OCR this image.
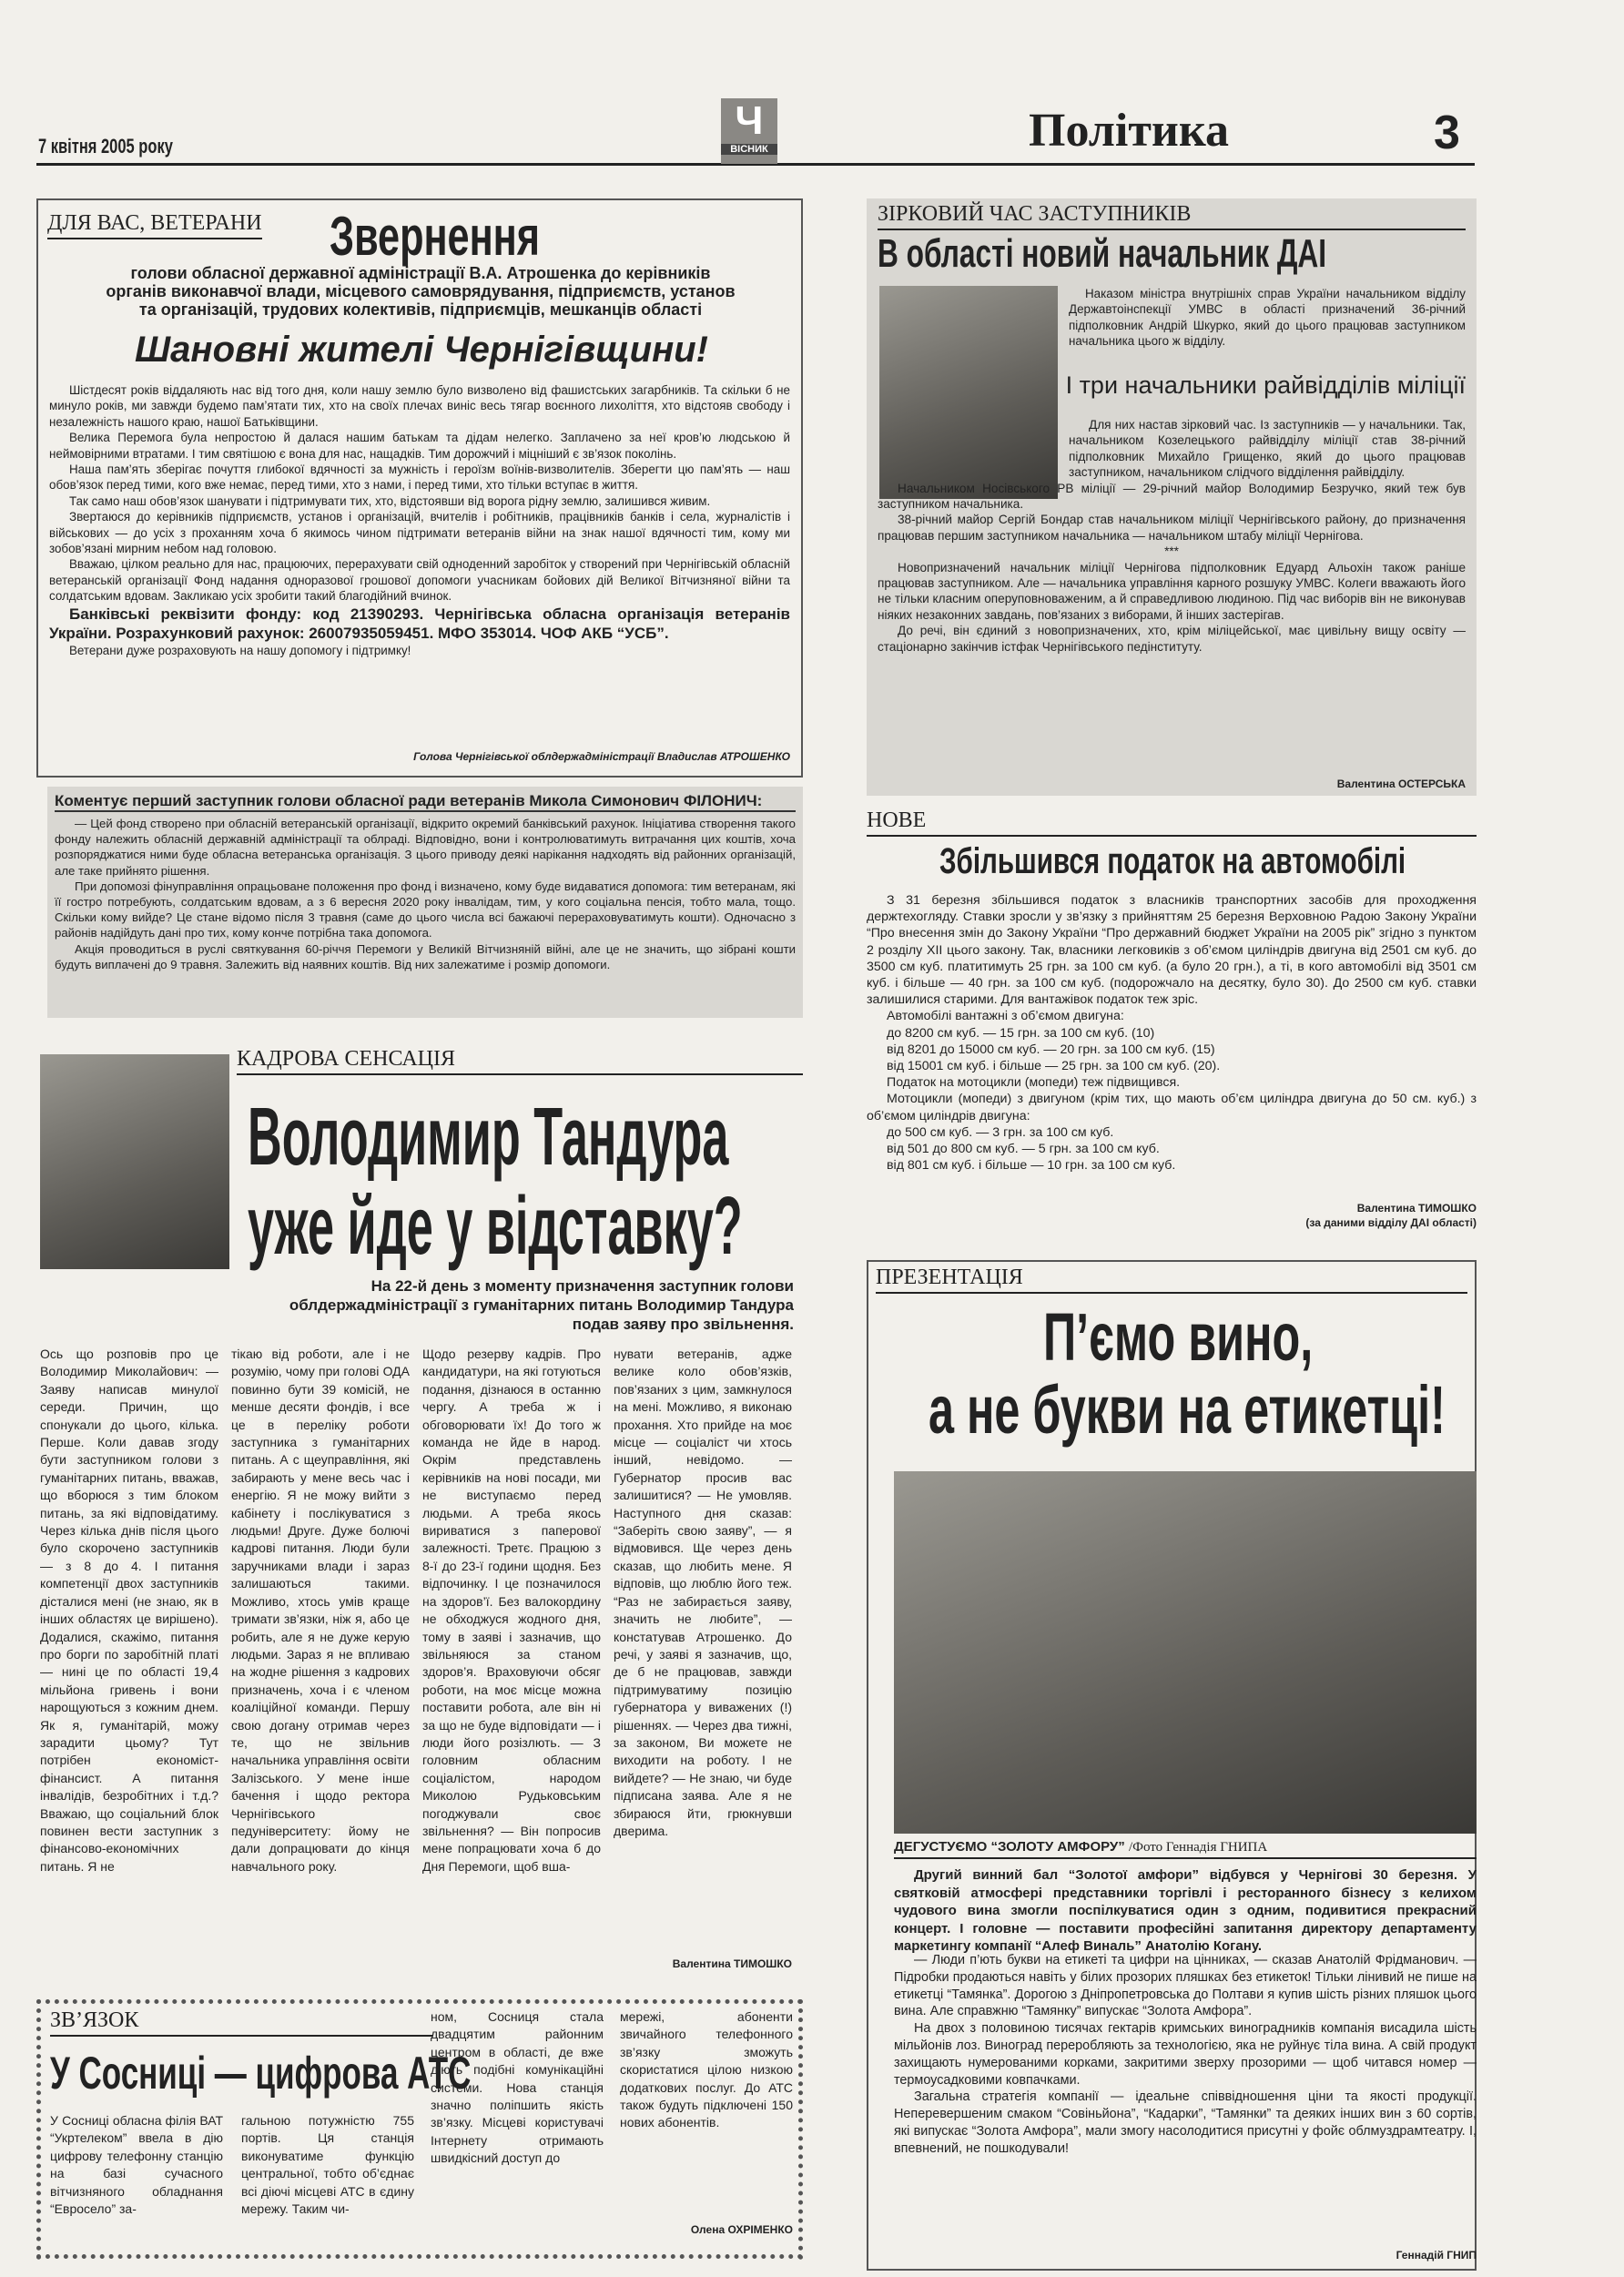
7 квітня 2005 року
Ч
ВІСНИК	Політика	3
ДЛЯ ВАС, ВЕТЕРАНИ Звернення
голови обласної державної адміністрації В.А. Атрошенка до керівників органів виконавчої влади, місцевого самоврядування, підприємств, установ та організацій, трудових колективів, підприємців, мешканців області
Шановні жителі Чернігівщини!

Шістдесят років віддаляють нас від того дня, коли нашу землю було визволено від фашистських загарбників. Та скільки б не минуло років, ми завжди будемо пам’ятати тих, хто на своїх плечах виніс весь тягар воєнного лихоліття, хто відстояв свободу і незалежність нашого краю, нашої Батьківщини.

Велика Перемога була непростою й далася нашим батькам та дідам нелегко. Заплачено за неї кров’ю людською й неймовірними втратами. І тим святішою є вона для нас, нащадків. Тим дорожчий і міцніший є зв’язок поколінь.

Наша пам’ять зберігає почуття глибокої вдячності за мужність і героїзм воїнів-визволителів. Зберегти цю пам’ять — наш обов’язок перед тими, кого вже немає, перед тими, хто з нами, і перед тими, хто тільки вступає в життя.

Так само наш обов’язок шанувати і підтримувати тих, хто, відстоявши від ворога рідну землю, залишився живим.

Звертаюся до керівників підприємств, установ і організацій, вчителів і робітників, працівників банків і села, журналістів і військових — до усіх з проханням хоча б якимось чином підтримати ветеранів війни на знак нашої вдячності тим, кому ми зобов’язані мирним небом над головою.

Вважаю, цілком реально для нас, працюючих, перерахувати свій одноденний заробіток у створений при Чернігівській обласній ветеранській організації Фонд надання одноразової грошової допомоги учасникам бойових дій Великої Вітчизняної війни та солдатським вдовам. Закликаю усіх зробити такий благодійний вчинок.

Банківські реквізити фонду: код 21390293. Чернігівська обласна організація ветеранів України. Розрахунковий рахунок: 26007935059451. МФО 353014. ЧОФ АКБ “УСБ”.

Ветерани дуже розраховують на нашу допомогу і підтримку!

Голова Чернігівської облдержадміністрації Владислав АТРОШЕНКО
Коментує перший заступник голови обласної ради ветеранів Микола Симонович ФІЛОНИЧ:

— Цей фонд створено при обласній ветеранській організації, відкрито окремий банківський рахунок. Ініціатива створення такого фонду належить обласній державній адміністрації та облраді. Відповідно, вони і контролюватимуть витрачання цих коштів, хоча розпоряджатися ними буде обласна ветеранська організація. З цього приводу деякі нарікання надходять від районних організацій, але таке прийнято рішення.

При допомозі фінуправління опрацьоване положення про фонд і визначено, кому буде видаватися допомога: тим ветеранам, які її гостро потребують, солдатським вдовам, а з 6 вересня 2020 року інвалідам, тим, у кого соціальна пенсія, тобто мала, тощо. Скільки кому вийде? Це стане відомо після 3 травня (саме до цього числа всі бажаючі перераховуватимуть кошти). Одночасно з районів надійдуть дані про тих, кому конче потрібна така допомога.

Акція проводиться в руслі святкування 60-річчя Перемоги у Великій Вітчизняній війні, але це не значить, що зібрані кошти будуть виплачені до 9 травня. Залежить від наявних коштів. Від них залежатиме і розмір допомоги.

ЗІРКОВИЙ ЧАС ЗАСТУПНИКІВ
В області новий начальник ДАІ
Наказом міністра внутрішніх справ України начальником відділу Державтоінспекції УМВС в області призначений 36-річний підполковник Андрій Шкурко, який до цього працював заступником начальника цього ж відділу.
І три начальники райвідділів міліції

Для них настав зірковий час. Із заступників — у начальники. Так, начальником Козелецького райвідділу міліції став 38-річний підполковник Михайло Грищенко, який до цього працював заступником, начальником слідчого відділення райвідділу.

Начальником Носівського РВ міліції — 29-річний майор Володимир Безручко, який теж був заступником начальника.

38-річний майор Сергій Бондар став начальником міліції Чернігівського району, до призначення працював першим заступником начальника — начальником штабу міліції Чернігова.

***

Новопризначений начальник міліції Чернігова підполковник Едуард Альохін також раніше працював заступником. Але — начальника управління карного розшуку УМВС. Колеги вважають його не тільки класним оперуповноваженим, а й справедливою людиною. Під час виборів він не виконував ніяких незаконних завдань, пов’язаних з виборами, й інших застерігав.

До речі, він єдиний з новопризначених, хто, крім міліцейської, має цивільну вищу освіту — стаціонарно закінчив істфак Чернігівського педінституту.

Валентина ОСТЕРСЬКА
НОВЕ
Збільшився податок на автомобілі

З 31 березня збільшився податок з власників транспортних засобів для проходження держтехогляду. Ставки зросли у зв’язку з прийняттям 25 березня Верховною Радою Закону України “Про внесення змін до Закону України “Про державний бюджет України на 2005 рік” згідно з пунктом 2 розділу XII цього закону. Так, власники легковиків з об’ємом циліндрів двигуна від 2501 см куб. до 3500 см куб. платитимуть 25 грн. за 100 см куб. (а було 20 грн.), а ті, в кого автомобілі від 3501 см куб. і більше — 40 грн. за 100 см куб. (подорожчало на десятку, було 30). До 2500 см куб. ставки залишилися старими. Для вантажівок податок теж зріс.

Автомобілі вантажні з об’ємом двигуна:

до 8200 см куб. — 15 грн. за 100 см куб. (10)

від 8201 до 15000 см куб. — 20 грн. за 100 см куб. (15)

від 15001 см куб. і більше — 25 грн. за 100 см куб. (20).

Податок на мотоцикли (мопеди) теж підвищився.

Мотоцикли (мопеди) з двигуном (крім тих, що мають об’єм циліндра двигуна до 50 см. куб.) з об’ємом циліндрів двигуна:

до 500 см куб. — 3 грн. за 100 см куб.

від 501 до 800 см куб. — 5 грн. за 100 см куб.

від 801 см куб. і більше — 10 грн. за 100 см куб.

Валентина ТИМОШКО
(за даними відділу ДАІ області)
КАДРОВА СЕНСАЦІЯ
Володимир Тандура
уже йде у відставку?
На 22-й день з моменту призначення заступник голови облдержадміністрації з гуманітарних питань Володимир Тандура подав заяву про звільнення.
Ось що розповів про це Володимир Миколайович: — Заяву написав минулої середи. Причин, що спонукали до цього, кілька. Перше. Коли давав згоду бути заступником голови з гуманітарних питань, вважав, що вборюся з тим блоком питань, за які відповідатиму. Через кілька днів після цього було скорочено заступників — з 8 до 4. І питання компетенції двох заступників дісталися мені (не знаю, як в інших областях це вирішено). Додалися, скажімо, питання про борги по заробітній платі — нині це по області 19,4 мільйона гривень і вони нарощуються з кожним днем. Як я, гуманітарій, можу зарадити цьому? Тут потрібен економіст-фінансист. А питання інвалідів, безробітних і т.д.? Вважаю, що соціальний блок повинен вести заступник з фінансово-економічних питань. Я не
тікаю від роботи, але і не розумію, чому при голові ОДА повинно бути 39 комісій, не менше десяти фондів, і все це в переліку роботи заступника з гуманітарних питань. А с щеуправління, які забирають у мене весь час і енергію. Я не можу вийти з кабінету і послікуватися з людьми! Друге. Дуже болючі кадрові питання. Люди були заручниками влади і зараз залишаються такими. Можливо, хтось умів краще тримати зв’язки, ніж я, або це робить, але я не дуже керую людьми. Зараз я не впливаю на жодне рішення з кадрових призначень, хоча і є членом коаліційної команди. Першу свою догану отримав через те, що не звільнив начальника управління освіти Залізського. У мене інше бачення і щодо ректора Чернігівського педуніверситету: йому не дали допрацювати до кінця навчального року.
Щодо резерву кадрів. Про кандидатури, на які готуються подання, дізнаюся в останню чергу. А треба ж і обговорювати їх! До того ж команда не йде в народ. Окрім представлень керівників на нові посади, ми не виступаємо перед людьми. А треба якось вириватися з паперової залежності. Третє. Працюю з 8-ї до 23-ї години щодня. Без відпочинку. І це позначилося на здоров’ї. Без валокордину не обходжуся жодного дня, тому в заяві і зазначив, що звільняюся за станом здоров’я. Враховуючи обсяг роботи, на моє місце можна поставити робота, але він ні за що не буде відповідати — і люди його розізлють. — З головним обласним соціалістом, народом Миколою Рудьковським погоджували своє звільнення? — Він попросив мене попрацювати хоча б до Дня Перемоги, щоб вша-
нувати ветеранів, адже велике коло обов’язків, пов’язаних з цим, замкнулося на мені. Можливо, я виконаю прохання. Хто прийде на моє місце — соціаліст чи хтось інший, невідомо. — Губернатор просив вас залишитися? — Не умовляв. Наступного дня сказав: “Заберіть свою заяву”, — я відмовився. Ще через день сказав, що любить мене. Я відповів, що люблю його теж. “Раз не забирається заяву, значить не любите”, — констатував Атрошенко. До речі, у заяві я зазначив, що, де б не працював, завжди підтримуватиму позицію губернатора у виважених (!) рішеннях. — Через два тижні, за законом, Ви можете не виходити на роботу. І не вийдете? — Не знаю, чи буде підписана заява. Але я не збираюся йти, грюкнувши дверима.
Валентина ТИМОШКО
ПРЕЗЕНТАЦІЯ
П’ємо вино,
а не букви на етикетці!
ДЕГУСТУЄМО “ЗОЛОТУ АМФОРУ” /Фото Геннадія ГНИПА
Другий винний бал “Золотої амфори” відбувся у Чернігові 30 березня. У святковій атмосфері представники торгівлі і ресторанного бізнесу з келихом чудового вина змогли поспілкуватися один з одним, подивитися прекрасний концерт. І головне — поставити професійні запитання директору департаменту маркетингу компанії “Алеф Виналь” Анатолію Когану.

— Люди п’ють букви на етикеті та цифри на цінниках, — сказав Анатолій Фрідманович. — Підробки продаються навіть у білих прозорих пляшках без етикеток! Тільки лінивий не пише на етикетці “Тамянка”. Дорогою з Дніпропетровська до Полтави я купив шість різних пляшок цього вина. Але справжню “Тамянку” випускає “Золота Амфора”.

На двох з половиною тисячах гектарів кримських виноградників компанія висадила шість мільйонів лоз. Виноград переробляють за технологією, яка не руйнує тіла вина. А свій продукт захищають нумерованими корками, закритими зверху прозорими — щоб читався номер — термоусадковими ковпачками.

Загальна стратегія компанії — ідеальне співвідношення ціни та якості продукції. Неперевершеним смаком “Совіньйона”, “Кадарки”, “Тамянки” та деяких інших вин з 60 сортів, які випускає “Золота Амфора”, мали змогу насолодитися присутні у фойє облмуздрамтеатру. І, впевнений, не пошкодували!

Геннадій ГНИП
ЗВ’ЯЗОК
У Сосниці — цифрова АТС
У Сосниці обласна філія ВАТ “Укртелеком” ввела в дію цифрову телефонну станцію на базі сучасного вітчизняного обладнання “Евросело” за-
гальною потужністю 755 портів. Ця станція виконуватиме функцію центральної, тобто об’єднає всі діючі місцеві АТС в єдину мережу. Таким чи-
ном, Сосниця стала двадцятим районним центром в області, де вже діють подібні комунікаційні системи. Нова станція значно поліпшить якість зв’язку. Місцеві користувачі Інтернету отримають швидкісний доступ до
мережі, абоненти звичайного телефонного зв’язку зможуть скористатися цілою низкою додаткових послуг. До АТС також будуть підключені 150 нових абонентів.
Олена ОХРІМЕНКО
